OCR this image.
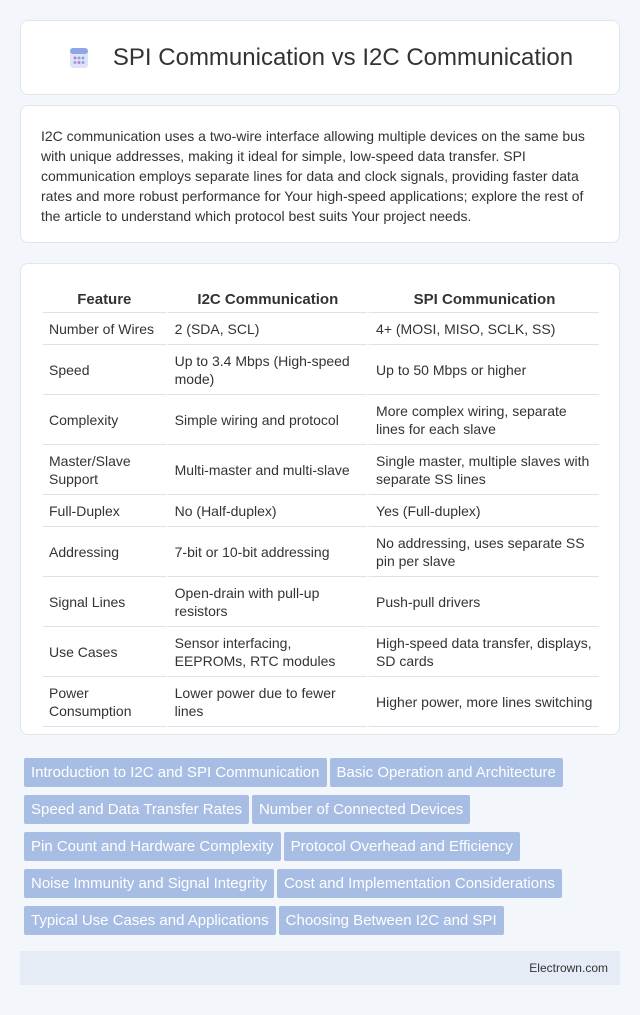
SPI Communication vs I2C Communication

I2C communication uses a two-wire interface allowing multiple devices on the same bus with unique addresses, making it ideal for simple, low-speed data transfer. SPI communication employs separate lines for data and clock signals, providing faster data rates and more robust performance for Your high-speed applications; explore the rest of the article to understand which protocol best suits Your project needs.

Feature	I2C Communication	SPI Communication
Number of Wires	2 (SDA, SCL)	4+ (MOSI, MISO, SCLK, SS)
Speed	Up to 3.4 Mbps (High-speed mode)	Up to 50 Mbps or higher
Complexity	Simple wiring and protocol	More complex wiring, separate lines for each slave
Master/Slave Support	Multi-master and multi-slave	Single master, multiple slaves with separate SS lines
Full-Duplex	No (Half-duplex)	Yes (Full-duplex)
Addressing	7-bit or 10-bit addressing	No addressing, uses separate SS pin per slave
Signal Lines	Open-drain with pull-up resistors	Push-pull drivers
Use Cases	Sensor interfacing, EEPROMs, RTC modules	High-speed data transfer, displays, SD cards
Power Consumption	Lower power due to fewer lines	Higher power, more lines switching
Introduction to I2C and SPI Communication Basic Operation and ArchitectureSpeed and Data Transfer Rates Number of Connected DevicesPin Count and Hardware Complexity Protocol Overhead and EfficiencyNoise Immunity and Signal Integrity Cost and Implementation ConsiderationsTypical Use Cases and Applications Choosing Between I2C and SPI
Electrown.com
